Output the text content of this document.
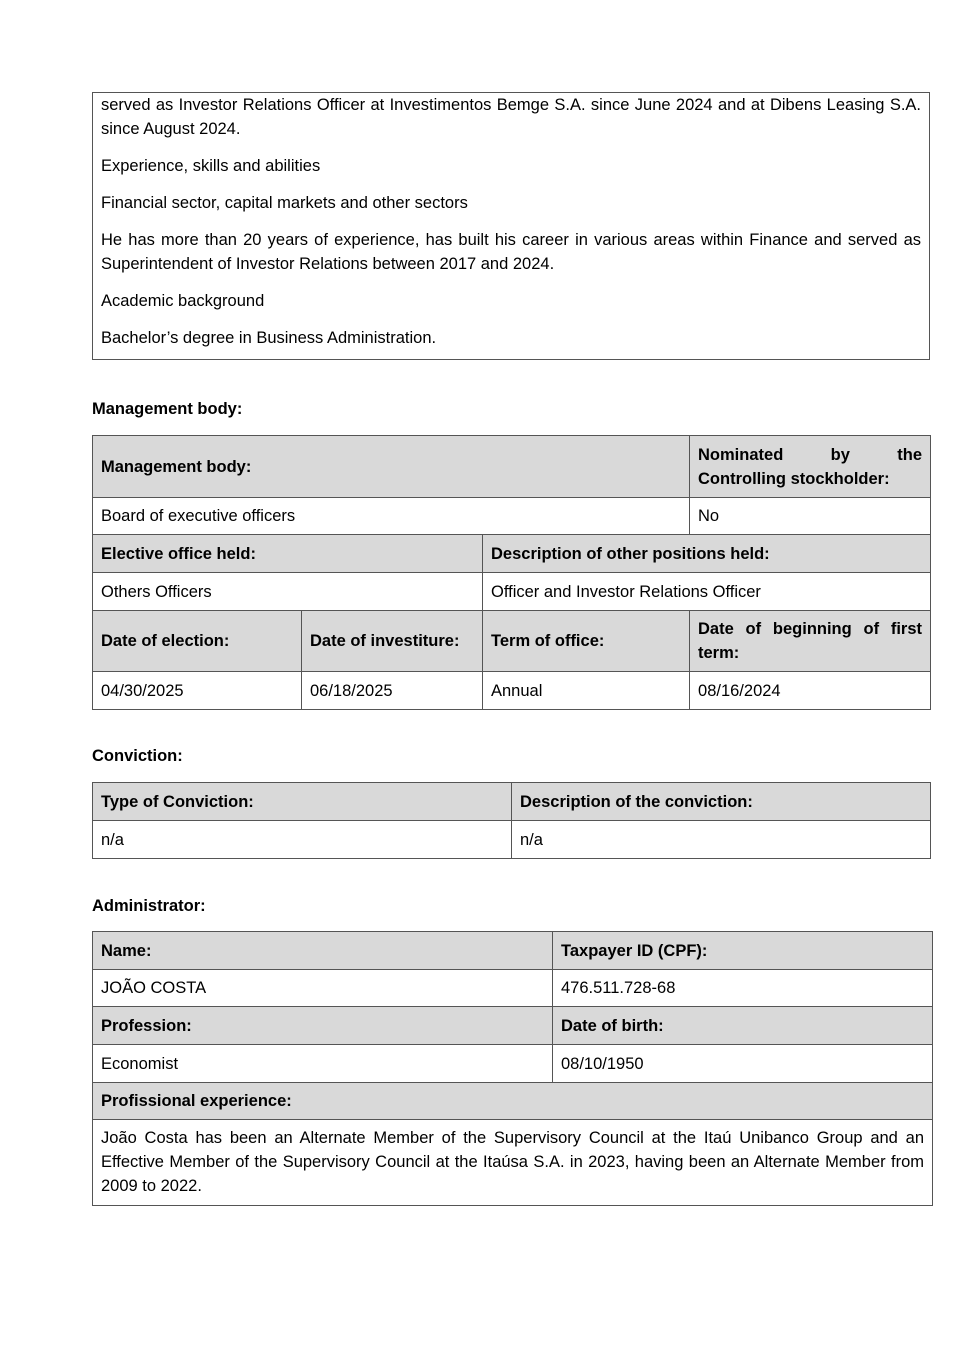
served as Investor Relations Officer at Investimentos Bemge S.A. since June 2024 and at Dibens Leasing S.A. since August 2024.

Experience, skills and abilities

Financial sector, capital markets and other sectors

He has more than 20 years of experience, has built his career in various areas within Finance and served as Superintendent of Investor Relations between 2017 and 2024.

Academic background

Bachelor’s degree in Business Administration.

Management body:
Management body:			Nominated by the
Controlling stockholder:

Board of executive officers			No
Elective office held:		Description of other positions held:	
Others Officers		Officer and Investor Relations Officer	
Date of election:	Date of investiture:	Term of office:	Date of beginning of first term:
04/30/2025	06/18/2025	Annual	08/16/2024
Conviction:
Type of Conviction:	Description of the conviction:
n/a	n/a
Administrator:
Name:	Taxpayer ID (CPF):
JOÃO COSTA	476.511.728-68
Profession:	Date of birth:
Economist	08/10/1950
Profissional experience:	
João Costa has been an Alternate Member of the Supervisory Council at the Itaú Unibanco Group and an Effective Member of the Supervisory Council at the Itaúsa S.A. in 2023, having been an Alternate Member from 2009 to 2022.	
